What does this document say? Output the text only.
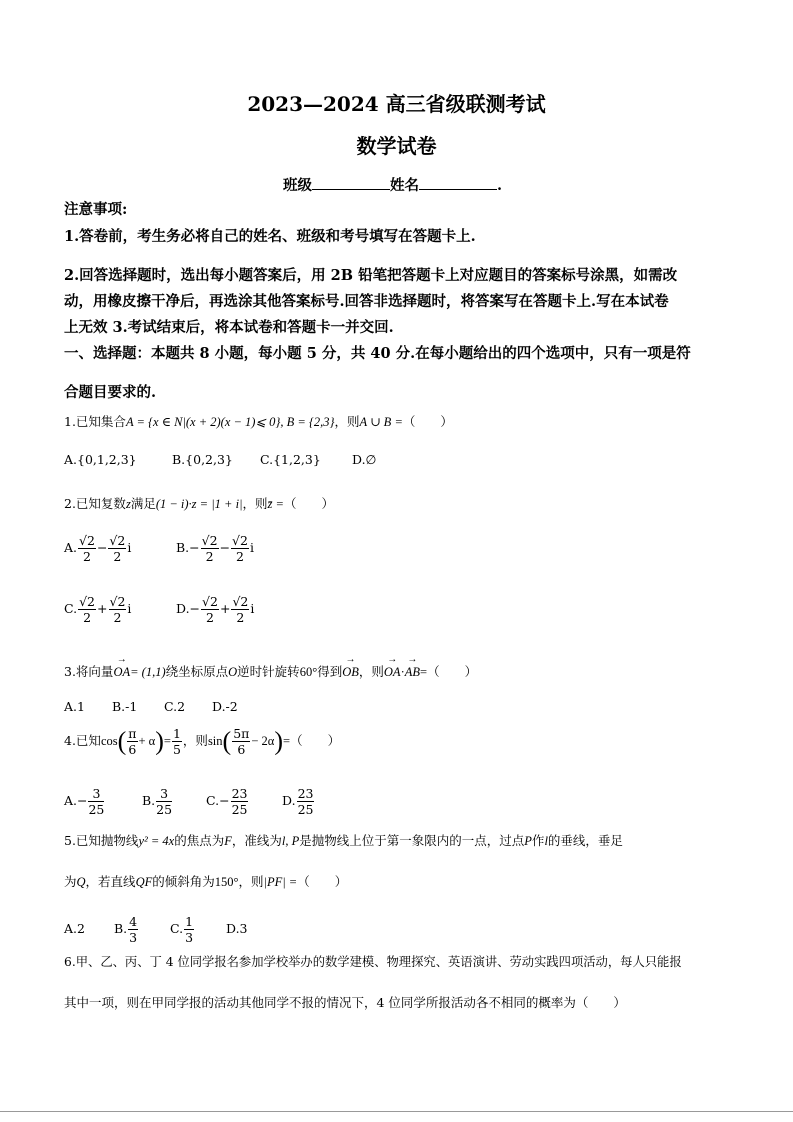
2023—2024 高三省级联测考试
数学试卷
班级	姓名	.
注意事项:
1.答卷前，考生务必将自己的姓名、班级和考号填写在答题卡上.
2.回答选择题时，选出每小题答案后，用 2B 铅笔把答题卡上对应题目的答案标号涂黑，如需改
动，用橡皮擦干净后，再选涂其他答案标号.回答非选择题时，将答案写在答题卡上.写在本试卷
上无效 3.考试结束后，将本试卷和答题卡一并交回.
一、选择题：本题共 8 小题，每小题 5 分，共 40 分.在每小题给出的四个选项中，只有一项是符
合题目要求的.
1.已知集合A = {x ∈ N|(x + 2)(x − 1)⩽ 0}, B = {2,3}，则A ∪ B =（　　）
A.{0,1,2,3}	B.{0,2,3} C.{1,2,3} D.∅
2.已知复数z满足(1 − i)·z = |1 + i|，则z̄ =（　　）
A. $\frac{√2}{2} - \frac{√2}{2}$ i	$B.- \frac{√2}{2} - \frac{√2}{2}$ i
C. $\frac{√2}{2} + \frac{√2}{2}$ i	$D.- \frac{√2}{2} + \frac{√2}{2}$ i
3.将向量→ OA= (1,1)绕坐标原点O逆时针旋转60°得到→ OB，则→ OA·→ AB=（　　）
A.1 B.-1 C.2 D.-2
4.已知$\cos( \frac{\pi}{6} + \alpha)= \frac{1}{5}$ ，则$\sin( \frac{5\pi}{6} - 2\alpha)=$（　　）
$A.- \frac{3}{25}$	B. $\frac{3}{25}$	$C.- \frac{23}{25}$	D. $\frac{23}{25}$
5.已知抛物线y² = 4x的焦点为F，准线为l, P是抛物线上位于第一象限内的一点，过点P作l的垂线，垂足
为Q，若直线QF的倾斜角为150°，则|PF| =（　　）
A.2 B. $\frac{4}{3}$	C. $\frac{1}{3}$	D.3
6.甲、乙、丙、丁 4 位同学报名参加学校举办的数学建模、物理探究、英语演讲、劳动实践四项活动，每人只能报
其中一项，则在甲同学报的活动其他同学不报的情况下，4 位同学所报活动各不相同的概率为（　　）
